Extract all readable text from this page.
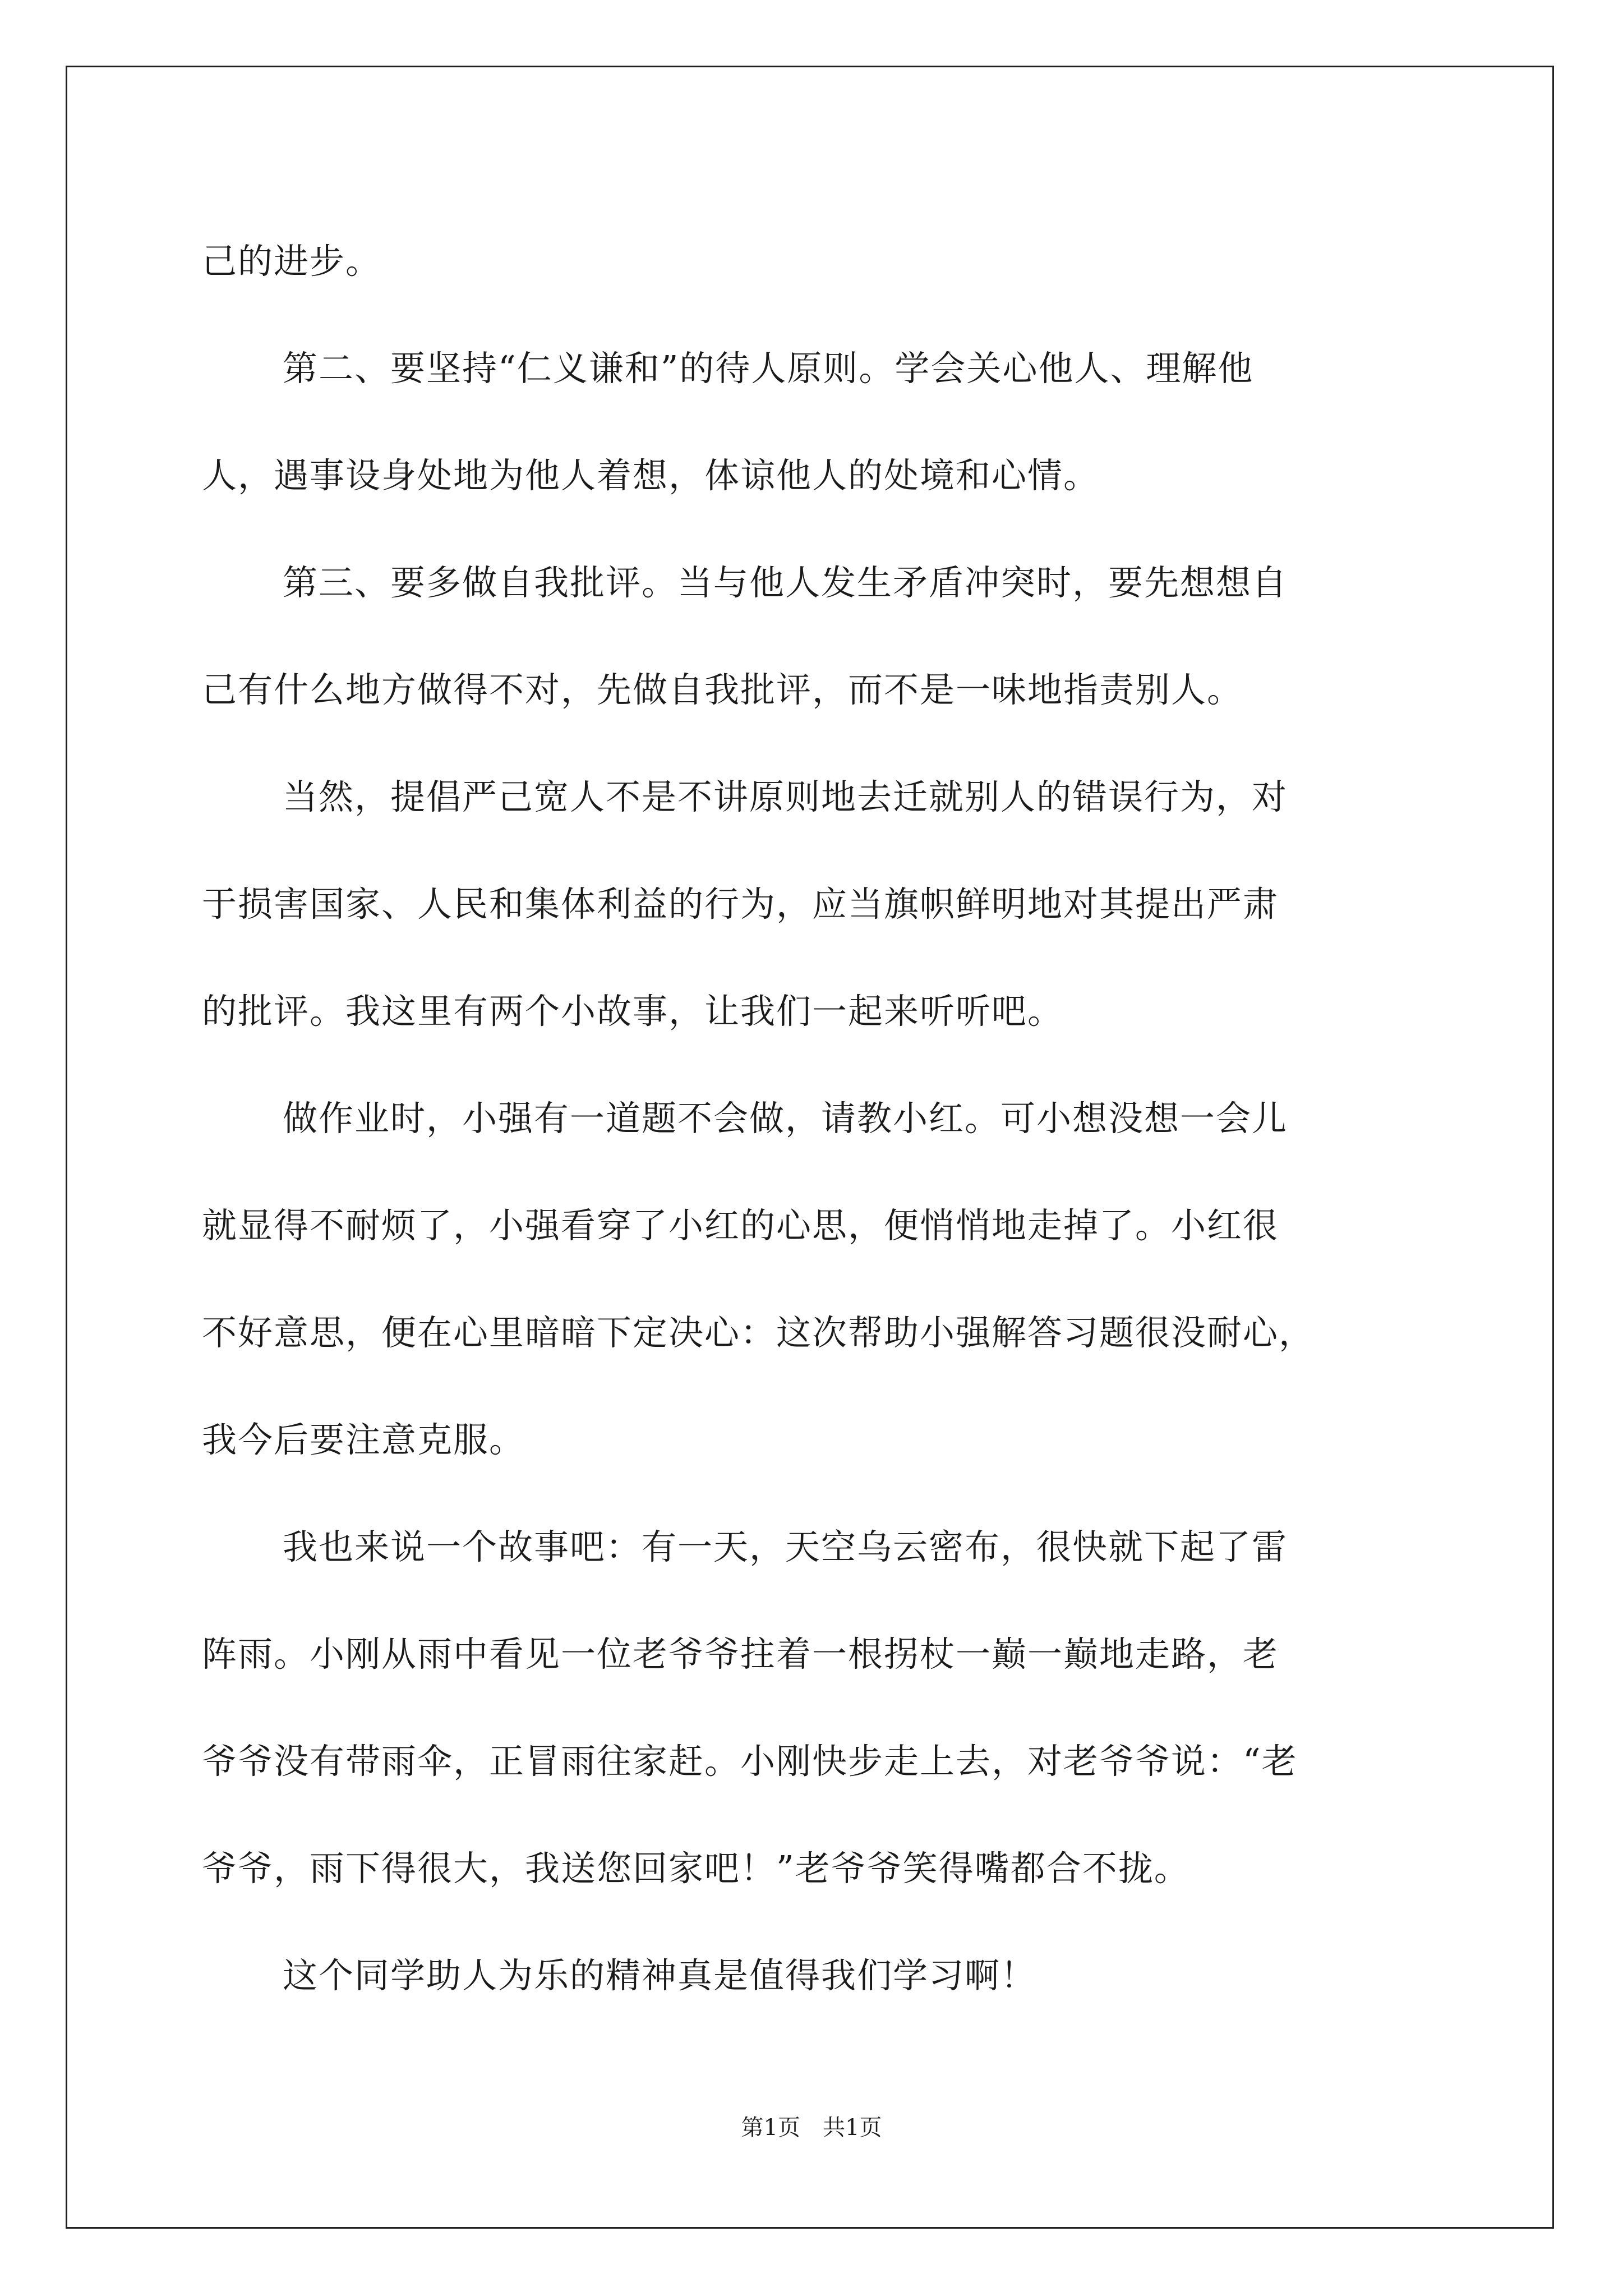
己的进步。
第二、要坚持“仁义谦和”的待人原则。学会关心他人、理解他
人，遇事设身处地为他人着想，体谅他人的处境和心情。
第三、要多做自我批评。当与他人发生矛盾冲突时，要先想想自
己有什么地方做得不对，先做自我批评，而不是一味地指责别人。
当然，提倡严己宽人不是不讲原则地去迁就别人的错误行为，对
于损害国家、人民和集体利益的行为，应当旗帜鲜明地对其提出严肃
的批评。我这里有两个小故事，让我们一起来听听吧。
做作业时，小强有一道题不会做，请教小红。可小想没想一会儿
就显得不耐烦了，小强看穿了小红的心思，便悄悄地走掉了。小红很
不好意思，便在心里暗暗下定决心：这次帮助小强解答习题很没耐心，
我今后要注意克服。
我也来说一个故事吧：有一天，天空乌云密布，很快就下起了雷
阵雨。小刚从雨中看见一位老爷爷拄着一根拐杖一巅一巅地走路，老
爷爷没有带雨伞，正冒雨往家赶。小刚快步走上去，对老爷爷说：“老
爷爷，雨下得很大，我送您回家吧！”老爷爷笑得嘴都合不拢。
这个同学助人为乐的精神真是值得我们学习啊！
第1页　共1页
